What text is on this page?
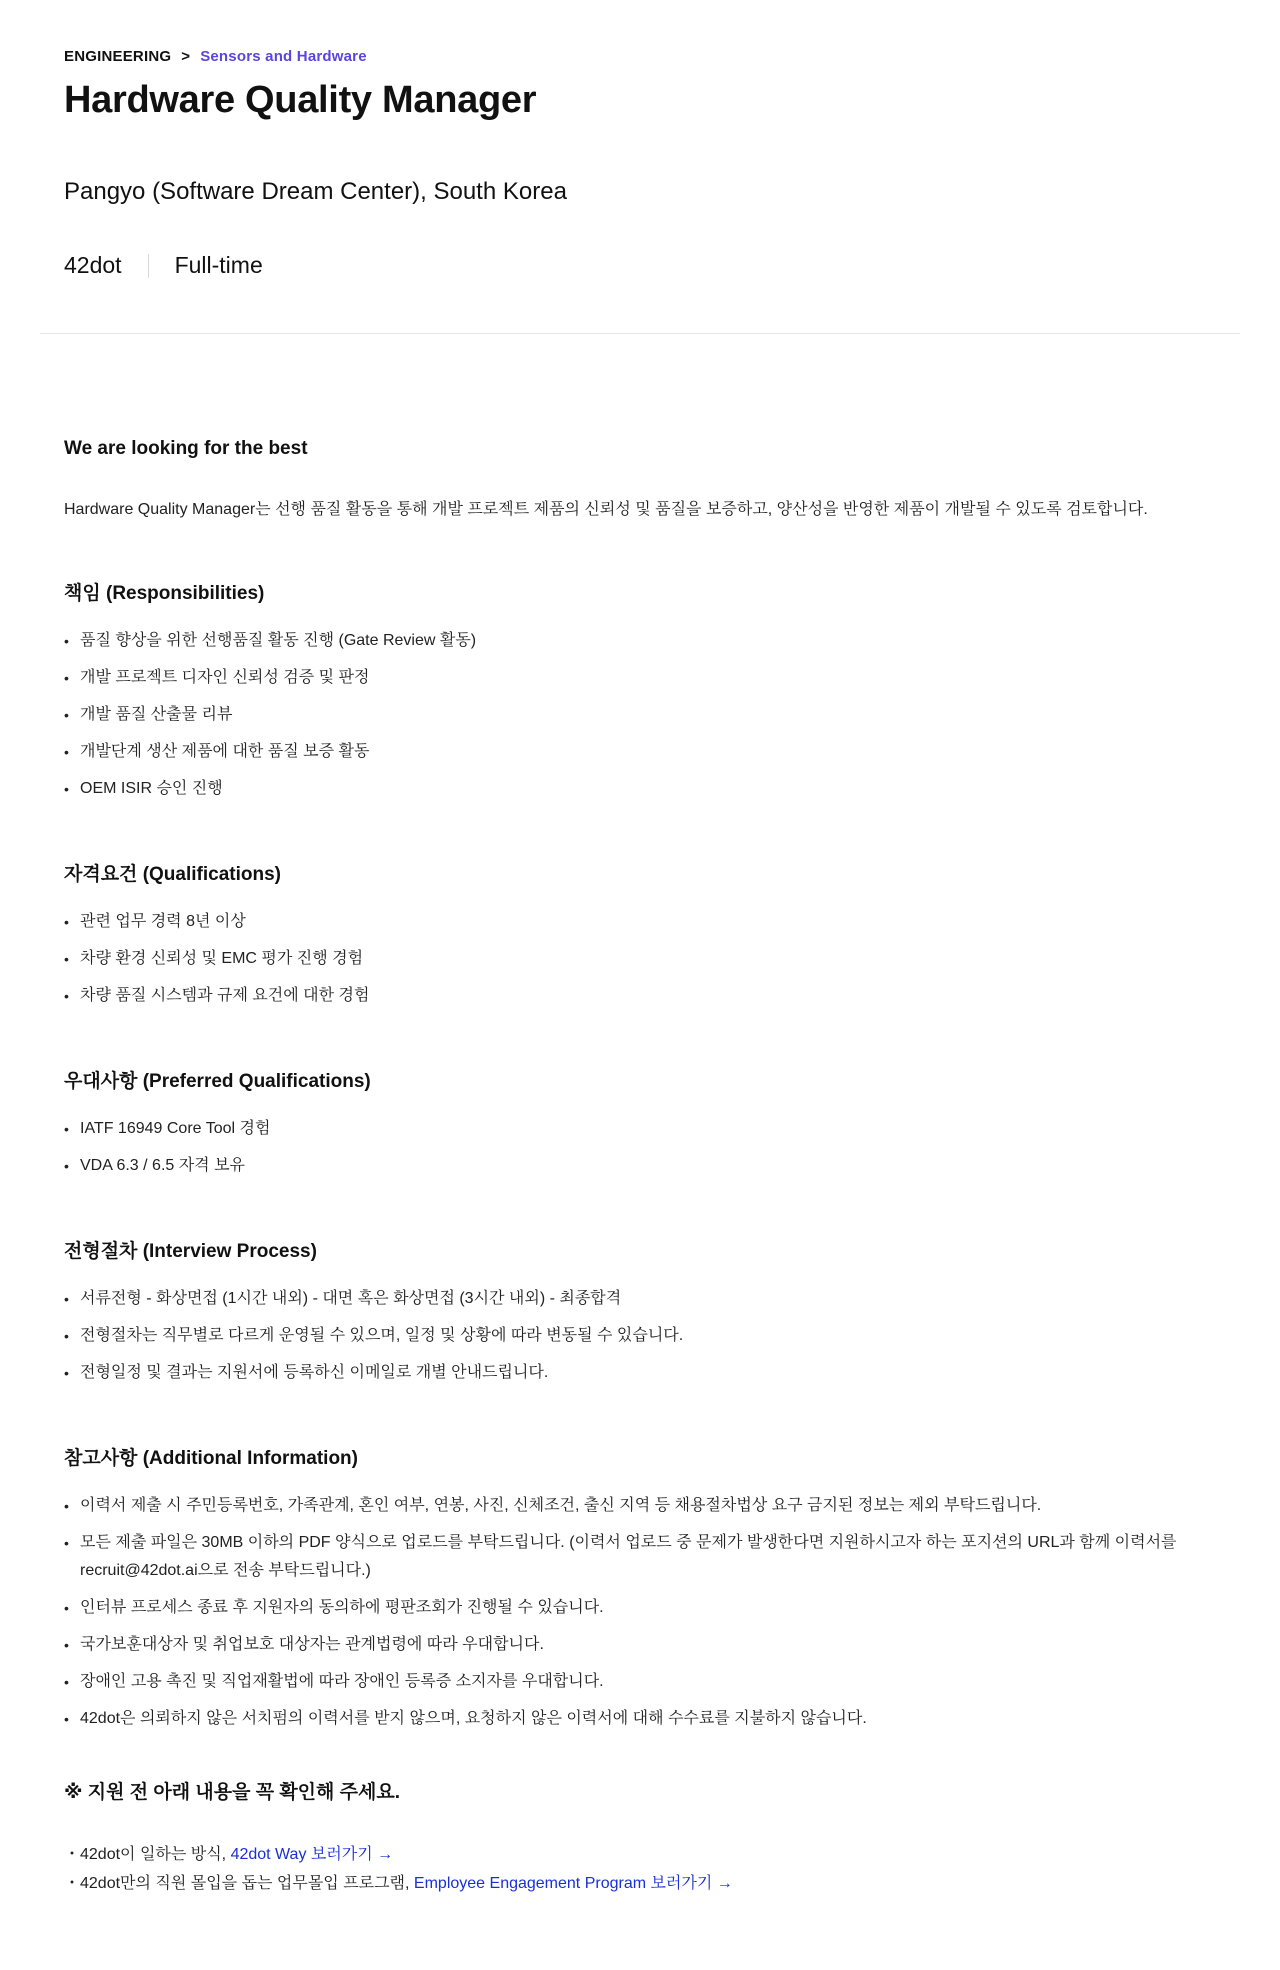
ENGINEERING > Sensors and Hardware
Hardware Quality Manager
Pangyo (Software Dream Center), South Korea
42dot Full-time
We are looking for the best

Hardware Quality Manager는 선행 품질 활동을 통해 개발 프로젝트 제품의 신뢰성 및 품질을 보증하고, 양산성을 반영한 제품이 개발될 수 있도록 검토합니다.

책임 (Responsibilities)
• 품질 향상을 위한 선행품질 활동 진행 (Gate Review 활동)
• 개발 프로젝트 디자인 신뢰성 검증 및 판정
• 개발 품질 산출물 리뷰
• 개발단계 생산 제품에 대한 품질 보증 활동
• OEM ISIR 승인 진행
자격요건 (Qualifications)
• 관련 업무 경력 8년 이상
• 차량 환경 신뢰성 및 EMC 평가 진행 경험
• 차량 품질 시스템과 규제 요건에 대한 경험
우대사항 (Preferred Qualifications)
• IATF 16949 Core Tool 경험
• VDA 6.3 / 6.5 자격 보유
전형절차 (Interview Process)
• 서류전형 - 화상면접 (1시간 내외) - 대면 혹은 화상면접 (3시간 내외) - 최종합격
• 전형절차는 직무별로 다르게 운영될 수 있으며, 일정 및 상황에 따라 변동될 수 있습니다.
• 전형일정 및 결과는 지원서에 등록하신 이메일로 개별 안내드립니다.
참고사항 (Additional Information)
• 이력서 제출 시 주민등록번호, 가족관계, 혼인 여부, 연봉, 사진, 신체조건, 출신 지역 등 채용절차법상 요구 금지된 정보는 제외 부탁드립니다.
• 모든 제출 파일은 30MB 이하의 PDF 양식으로 업로드를 부탁드립니다. (이력서 업로드 중 문제가 발생한다면 지원하시고자 하는 포지션의 URL과 함께 이력서를 recruit@42dot.ai으로 전송 부탁드립니다.)
• 인터뷰 프로세스 종료 후 지원자의 동의하에 평판조회가 진행될 수 있습니다.
• 국가보훈대상자 및 취업보호 대상자는 관계법령에 따라 우대합니다.
• 장애인 고용 촉진 및 직업재활법에 따라 장애인 등록증 소지자를 우대합니다.
• 42dot은 의뢰하지 않은 서치펌의 이력서를 받지 않으며, 요청하지 않은 이력서에 대해 수수료를 지불하지 않습니다.
※ 지원 전 아래 내용을 꼭 확인해 주세요.
・42dot이 일하는 방식, 42dot Way 보러가기 →
・42dot만의 직원 몰입을 돕는 업무몰입 프로그램, Employee Engagement Program 보러가기 →
